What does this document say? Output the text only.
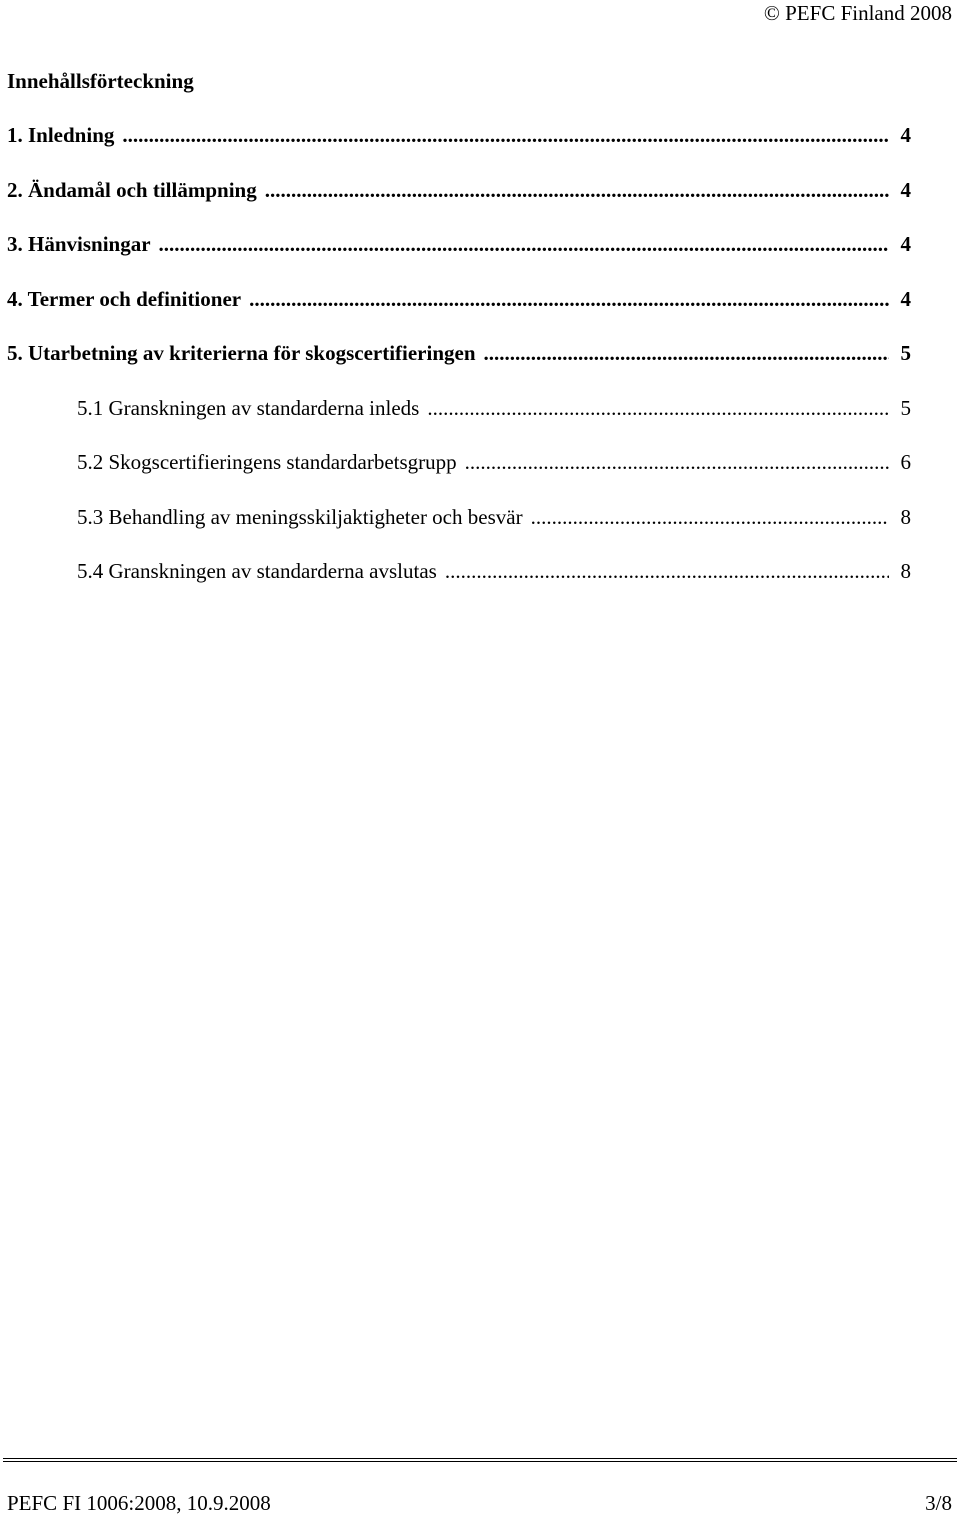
© PEFC Finland 2008
Innehållsförteckning
1. Inledning .....	4
2. Ändamål och tillämpning .....	4
3. Hänvisningar .....	4
4. Termer och definitioner .....	4
5. Utarbetning av kriterierna för skogscertifieringen .....	5
5.1 Granskningen av standarderna inleds .....	5
5.2 Skogscertifieringens standardarbetsgrupp .....	6
5.3 Behandling av meningsskiljaktigheter och besvär .....	8
5.4 Granskningen av standarderna avslutas .....	8
PEFC FI 1006:2008, 10.9.2008	3/8
